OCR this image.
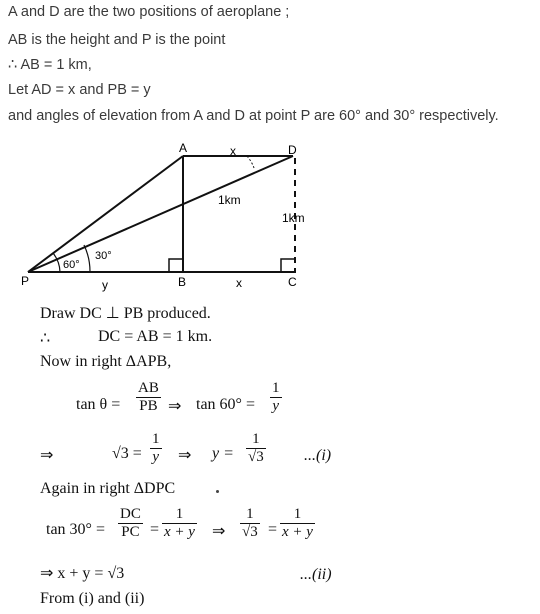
A and D are the two positions of aeroplane ;
AB is the height and P is the point
∴ AB = 1 km,
Let AD = x and PB = y
and angles of elevation from A and D at point P are 60° and 30° respectively.
A	D
x
1km
1km
60°
30°
P	y	B	x	C
Draw DC ⊥ PB produced.
∴	DC = AB = 1 km.
Now in right ΔAPB,
tan θ =
AB
PB ⇒ tan 60° =
1
y
⇒	√3 =
1
y ⇒ y =
1
√3	...(i)
Again in right ΔDPC
tan 30° =
DC
PC =
1
x + y ⇒
1
√3 =
1
x + y
⇒ x + y = √3	...(ii)
From (i) and (ii)
